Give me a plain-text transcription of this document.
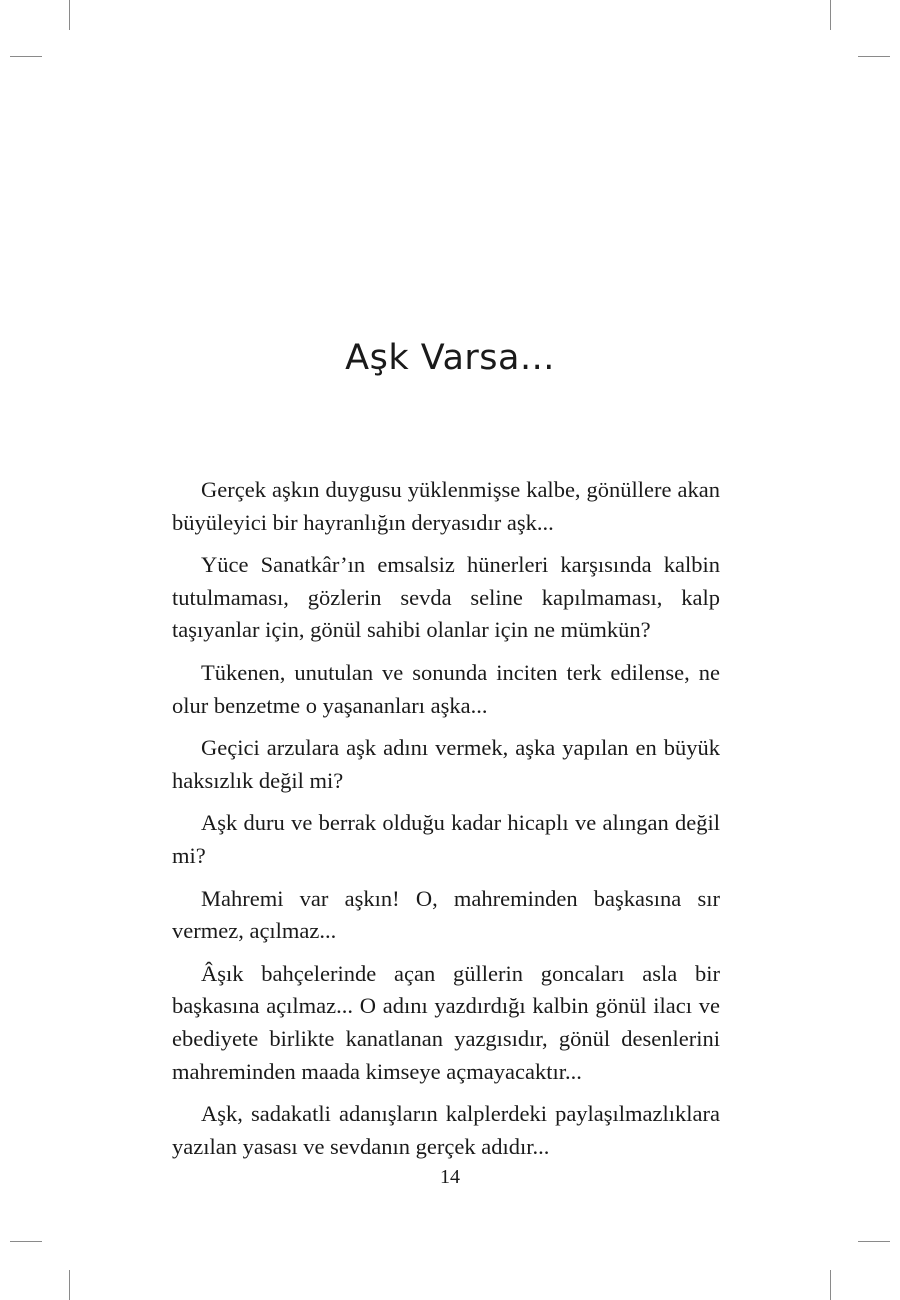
Aşk Varsa...

Gerçek aşkın duygusu yüklenmişse kalbe, gönüllere akan büyüleyici bir hayranlığın deryasıdır aşk...

Yüce Sanatkâr’ın emsalsiz hünerleri karşısında kalbin tutulmaması, gözlerin sevda seline kapılmaması, kalp taşıyanlar için, gönül sahibi olanlar için ne mümkün?

Tükenen, unutulan ve sonunda inciten terk edilense, ne olur benzetme o yaşananları aşka...

Geçici arzulara aşk adını vermek, aşka yapılan en büyük haksızlık değil mi?

Aşk duru ve berrak olduğu kadar hicaplı ve alıngan değil mi?

Mahremi var aşkın! O, mahreminden başkasına sır vermez, açılmaz...

Âşık bahçelerinde açan güllerin goncaları asla bir başkasına açılmaz... O adını yazdırdığı kalbin gönül ilacı ve ebediyete birlikte kanatlanan yazgısıdır, gönül desenlerini mahreminden maada kimseye açmayacaktır...

Aşk, sadakatli adanışların kalplerdeki paylaşılmazlıklara yazılan yasası ve sevdanın gerçek adıdır...

14
